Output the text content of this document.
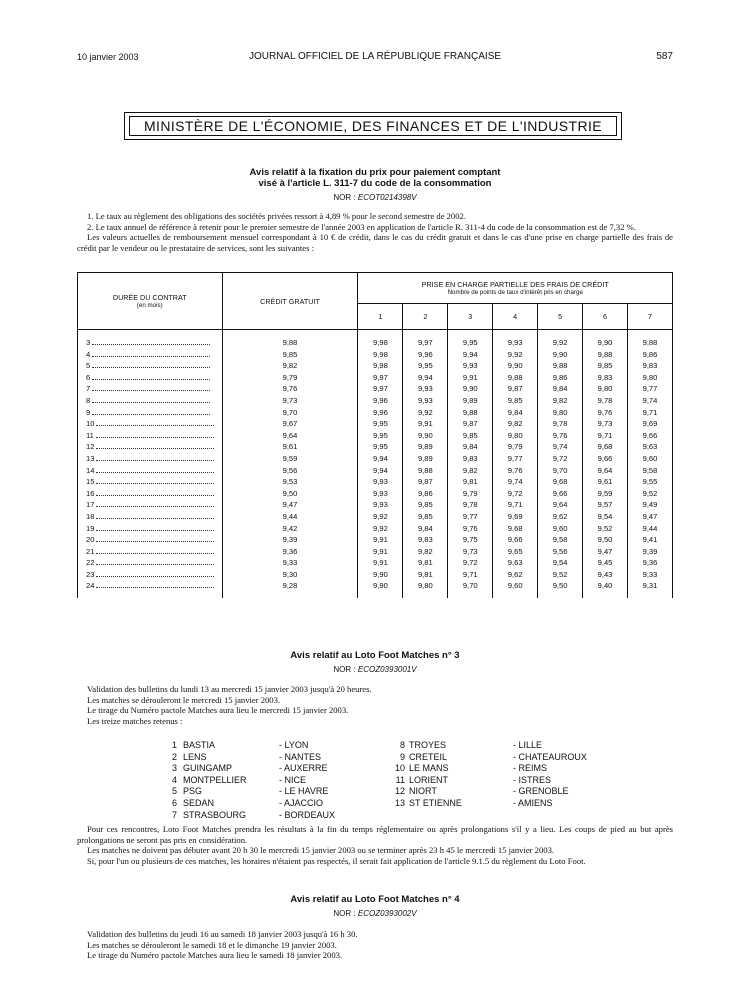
10 janvier 2003	JOURNAL OFFICIEL DE LA RÉPUBLIQUE FRANÇAISE	587
MINISTÈRE DE L'ÉCONOMIE, DES FINANCES ET DE L'INDUSTRIE
Avis relatif à la fixation du prix pour paiement comptant
visé à l'article L. 311-7 du code de la consommation
NOR : ECOT0214398V

1. Le taux au règlement des obligations des sociétés privées ressort à 4,89 % pour le second semestre de 2002.

2. Le taux annuel de référence à retenir pour le premier semestre de l'année 2003 en application de l'article R. 311-4 du code de la consommation est de 7,32 %.

Les valeurs actuelles de remboursement mensuel correspondant à 10 € de crédit, dans le cas du crédit gratuit et dans le cas d'une prise en charge partielle des frais de crédit par le vendeur ou le prestataire de services, sont les suivantes :

DURÉE DU CONTRAT
(en mois)	CRÉDIT GRATUIT	PRISE EN CHARGE PARTIELLE DES FRAIS DE CRÉDIT
Nombre de points de taux d'intérêt pris en charge						

		1	2	3	4	5	6	7
3	9,88	9,98	9,97	9,95	9,93	9,92	9,90	9,88
4	9,85	9,98	9,96	9,94	9,92	9,90	9,88	9,86
5	9,82	9,98	9,95	9,93	9,90	9,88	9,85	9,83
6	9,79	9,97	9,94	9,91	9,88	9,86	9,83	9,80
7	9,76	9,97	9,93	9,90	9,87	9,84	9,80	9,77
8	9,73	9,96	9,93	9,89	9,85	9,82	9,78	9,74
9	9,70	9,96	9,92	9,88	9,84	9,80	9,76	9,71
10	9,67	9,95	9,91	9,87	9,82	9,78	9,73	9,69
11	9,64	9,95	9,90	9,85	9,80	9,76	9,71	9,66
12	9,61	9,95	9,89	9,84	9,79	9,74	9,68	9,63
13	9,59	9,94	9,89	9,83	9,77	9,72	9,66	9,60
14	9,56	9,94	9,88	9,82	9,76	9,70	9,64	9,58
15	9,53	9,93	9,87	9,81	9,74	9,68	9,61	9,55
16	9,50	9,93	9,86	9,79	9,72	9,66	9,59	9,52
17	9,47	9,93	9,85	9,78	9,71	9,64	9,57	9,49
18	9,44	9,92	9,85	9,77	9,69	9,62	9,54	9,47
19	9,42	9,92	9,84	9,76	9,68	9,60	9,52	9,44
20	9,39	9,91	9,83	9,75	9,66	9,58	9,50	9,41
21	9,36	9,91	9,82	9,73	9,65	9,56	9,47	9,39
22	9,33	9,91	9,81	9,72	9,63	9,54	9,45	9,36
23	9,30	9,90	9,81	9,71	9,62	9,52	9,43	9,33
24	9,28	9,90	9,80	9,70	9,60	9,50	9,40	9,31
Avis relatif au Loto Foot Matches n° 3
NOR : ECOZ0393001V

Validation des bulletins du lundi 13 au mercredi 15 janvier 2003 jusqu'à 20 heures.

Les matches se dérouleront le mercredi 15 janvier 2003.

Le tirage du Numéro pactole Matches aura lieu le mercredi 15 janvier 2003.

Les treize matches retenus :

1 BASTIA	- LYON	8 TROYES	- LILLE
2 LENS	- NANTES	9 CRETEIL	- CHATEAUROUX
3 GUINGAMP	- AUXERRE	10 LE MANS	- REIMS
4 MONTPELLIER	- NICE	11 LORIENT	- ISTRES
5 PSG	- LE HAVRE	12 NIORT	- GRENOBLE
6 SEDAN	- AJACCIO	13 ST ETIENNE	- AMIENS
7 STRASBOURG	- BORDEAUX

Pour ces rencontres, Loto Foot Matches prendra les résultats à la fin du temps réglementaire ou après prolongations s'il y a lieu. Les coups de pied au but après prolongations ne seront pas pris en considération.

Les matches ne doivent pas débuter avant 20 h 30 le mercredi 15 janvier 2003 ou se terminer après 23 h 45 le mercredi 15 janvier 2003.

Si, pour l'un ou plusieurs de ces matches, les horaires n'étaient pas respectés, il serait fait application de l'article 9.1.5 du règlement du Loto Foot.

Avis relatif au Loto Foot Matches n° 4
NOR : ECOZ0393002V

Validation des bulletins du jeudi 16 au samedi 18 janvier 2003 jusqu'à 16 h 30.

Les matches se dérouleront le samedi 18 et le dimanche 19 janvier 2003.

Le tirage du Numéro pactole Matches aura lieu le samedi 18 janvier 2003.
